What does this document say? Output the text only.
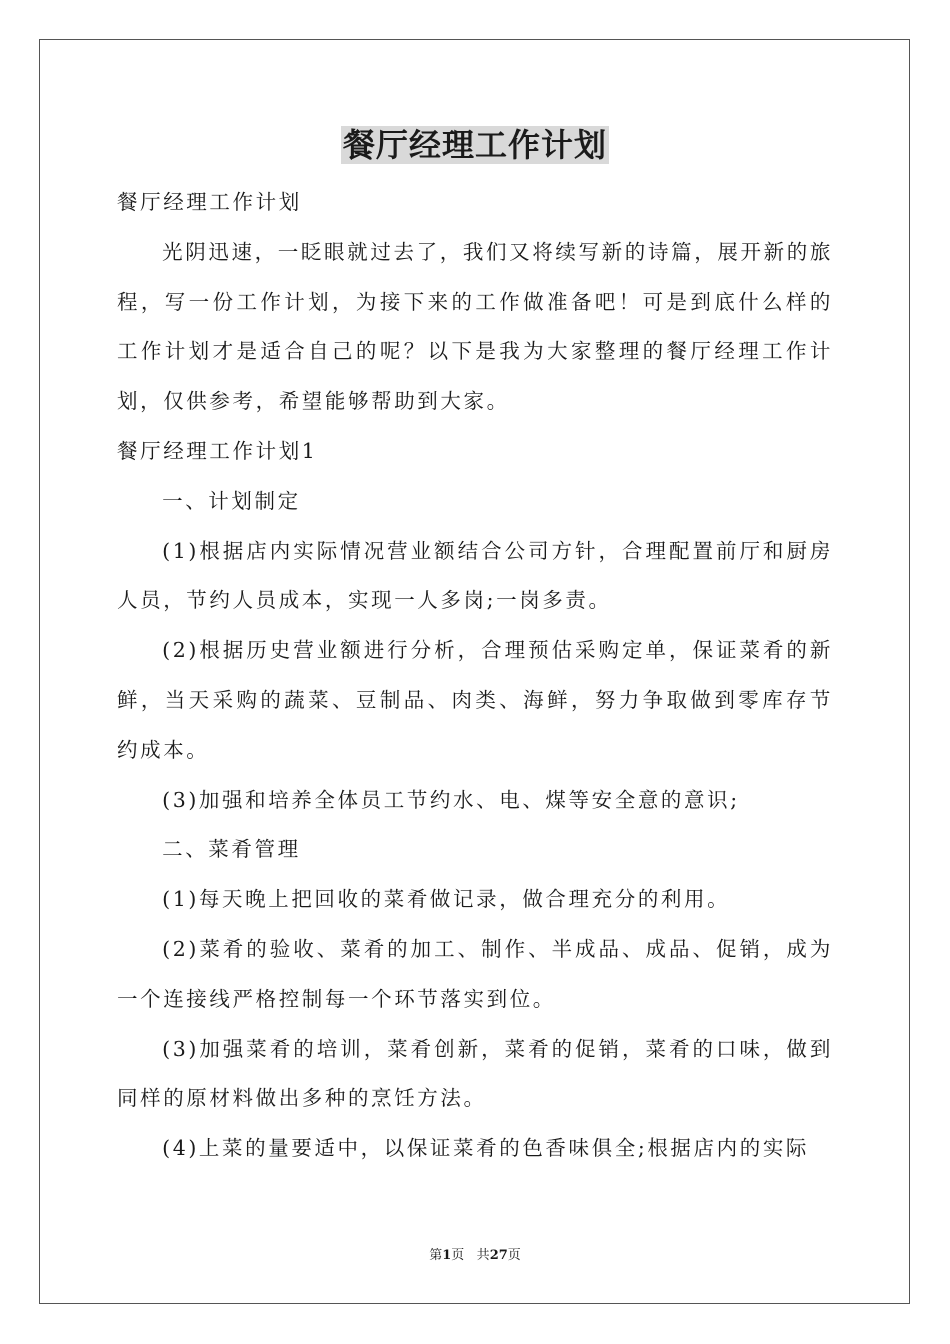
餐厅经理工作计划

餐厅经理工作计划

光阴迅速，一眨眼就过去了，我们又将续写新的诗篇，展开新的旅程，写一份工作计划，为接下来的工作做准备吧！可是到底什么样的工作计划才是适合自己的呢？以下是我为大家整理的餐厅经理工作计划，仅供参考，希望能够帮助到大家。

餐厅经理工作计划1

一、计划制定

(1)根据店内实际情况营业额结合公司方针，合理配置前厅和厨房人员，节约人员成本，实现一人多岗;一岗多责。

(2)根据历史营业额进行分析，合理预估采购定单，保证菜肴的新鲜，当天采购的蔬菜、豆制品、肉类、海鲜，努力争取做到零库存节约成本。

(3)加强和培养全体员工节约水、电、煤等安全意的意识;

二、菜肴管理

(1)每天晚上把回收的菜肴做记录，做合理充分的利用。

(2)菜肴的验收、菜肴的加工、制作、半成品、成品、促销，成为一个连接线严格控制每一个环节落实到位。

(3)加强菜肴的培训，菜肴创新，菜肴的促销，菜肴的口味，做到同样的原材料做出多种的烹饪方法。

(4)上菜的量要适中，以保证菜肴的色香味俱全;根据店内的实际

第1页 共27页
